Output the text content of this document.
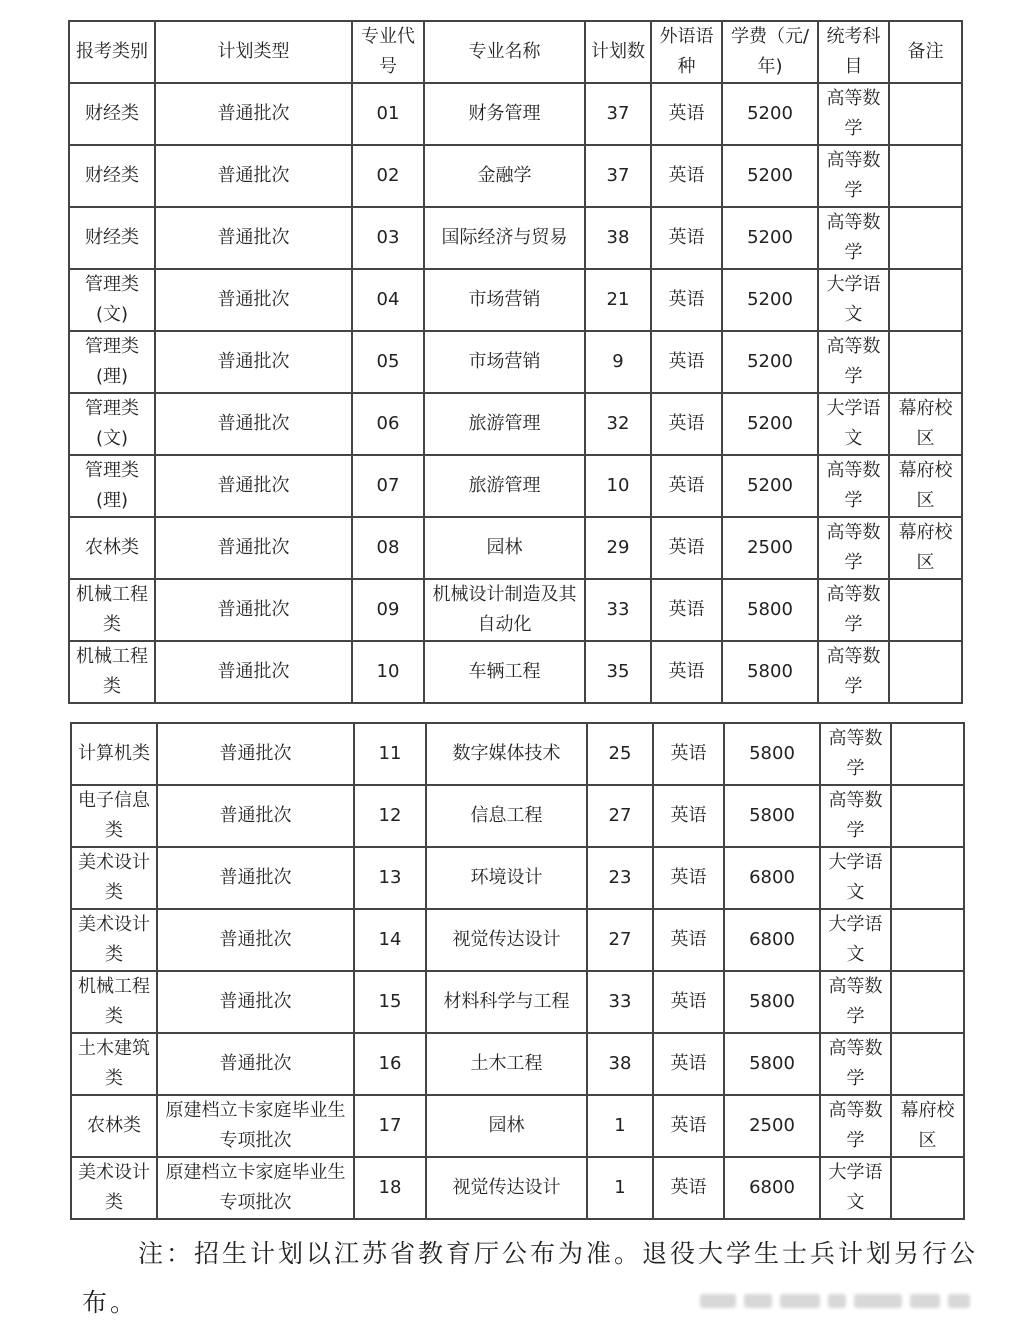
报考类别	计划类型	专业代号	专业名称	计划数	外语语种	学费（元/年)	统考科目	备注
财经类	普通批次	01	财务管理	37	英语	5200	高等数学	
财经类	普通批次	02	金融学	37	英语	5200	高等数学	
财经类	普通批次	03	国际经济与贸易	38	英语	5200	高等数学	
管理类(文)	普通批次	04	市场营销	21	英语	5200	大学语文	
管理类(理)	普通批次	05	市场营销	9	英语	5200	高等数学	
管理类(文)	普通批次	06	旅游管理	32	英语	5200	大学语文	幕府校区
管理类(理)	普通批次	07	旅游管理	10	英语	5200	高等数学	幕府校区
农林类	普通批次	08	园林	29	英语	2500	高等数学	幕府校区
机械工程类	普通批次	09	机械设计制造及其自动化	33	英语	5800	高等数学	
机械工程类	普通批次	10	车辆工程	35	英语	5800	高等数学	
计算机类	普通批次	11	数字媒体技术	25	英语	5800	高等数学	
电子信息类	普通批次	12	信息工程	27	英语	5800	高等数学	
美术设计类	普通批次	13	环境设计	23	英语	6800	大学语文	
美术设计类	普通批次	14	视觉传达设计	27	英语	6800	大学语文	
机械工程类	普通批次	15	材料科学与工程	33	英语	5800	高等数学	
土木建筑类	普通批次	16	土木工程	38	英语	5800	高等数学	
农林类	原建档立卡家庭毕业生专项批次	17	园林	1	英语	2500	高等数学	幕府校区
美术设计类	原建档立卡家庭毕业生专项批次	18	视觉传达设计	1	英语	6800	大学语文	
注：招生计划以江苏省教育厅公布为准。退役大学生士兵计划另行公
布。
